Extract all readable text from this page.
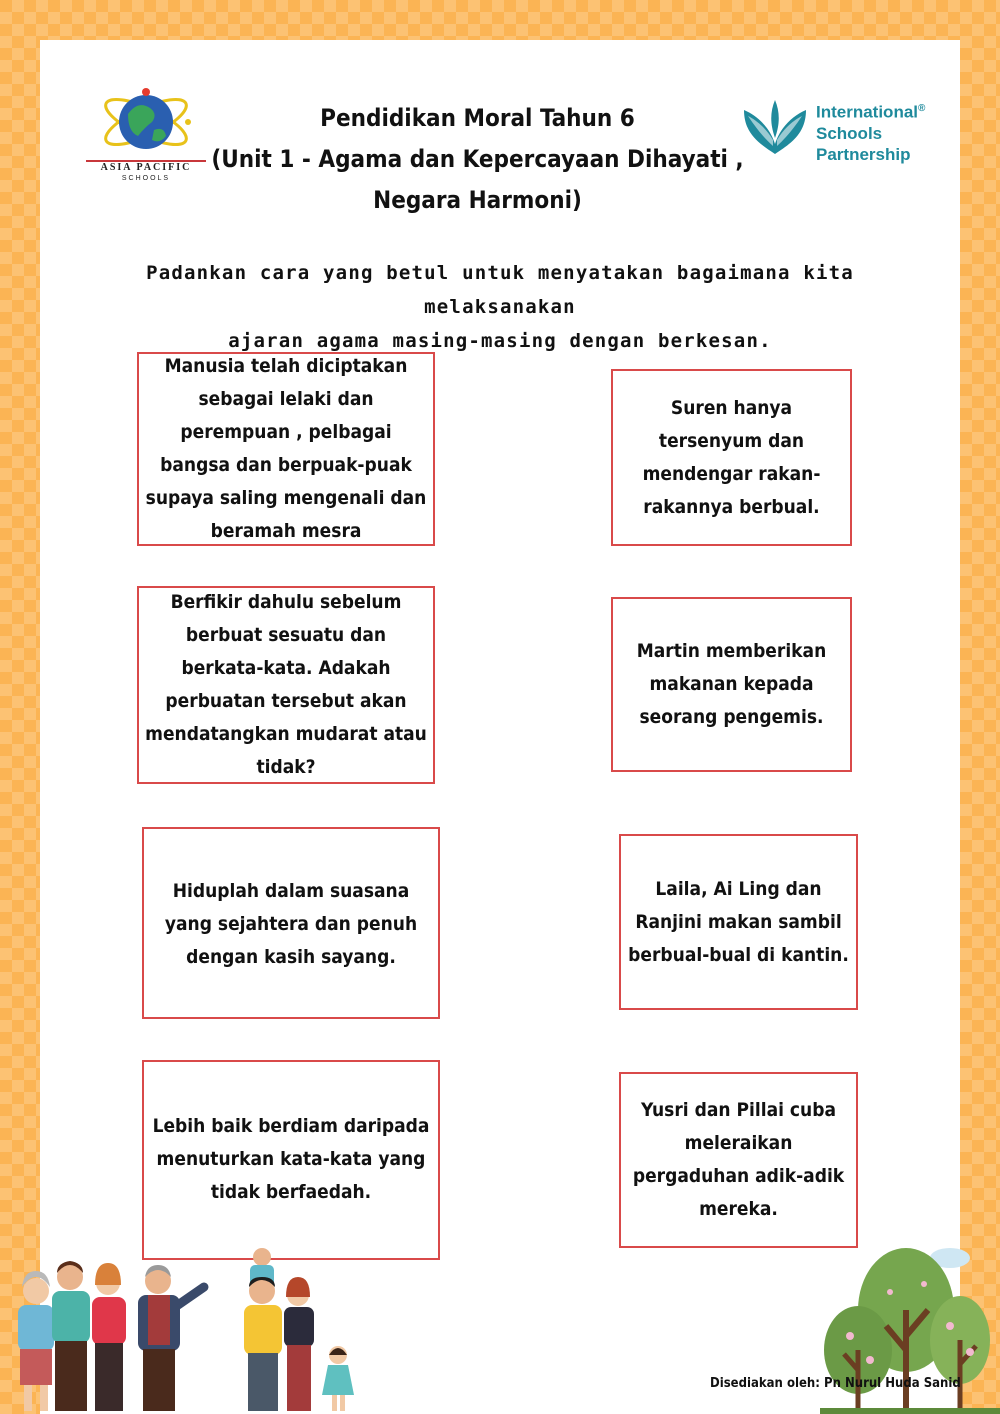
ASIA PACIFIC
SCHOOLS
Pendidikan Moral Tahun 6
(Unit 1 - Agama dan Kepercayaan Dihayati ,
Negara Harmoni)
International®
Schools
Partnership
Padankan cara yang betul untuk menyatakan bagaimana kita melaksanakan
ajaran agama masing-masing dengan berkesan.
Manusia telah diciptakan sebagai lelaki dan perempuan , pelbagai bangsa dan berpuak-puak supaya saling mengenali dan beramah mesra
Berfikir dahulu sebelum berbuat sesuatu dan berkata-kata. Adakah perbuatan tersebut akan mendatangkan mudarat atau tidak?
Hiduplah dalam suasana yang sejahtera dan penuh dengan kasih sayang.
Lebih baik berdiam daripada menuturkan kata-kata yang tidak berfaedah.
Suren hanya tersenyum dan mendengar rakan-rakannya berbual.
Martin memberikan makanan kepada seorang pengemis.
Laila, Ai Ling dan Ranjini makan sambil berbual-bual di kantin.
Yusri dan Pillai cuba meleraikan pergaduhan adik-adik mereka.
Disediakan oleh: Pn Nurul Huda Sanid
